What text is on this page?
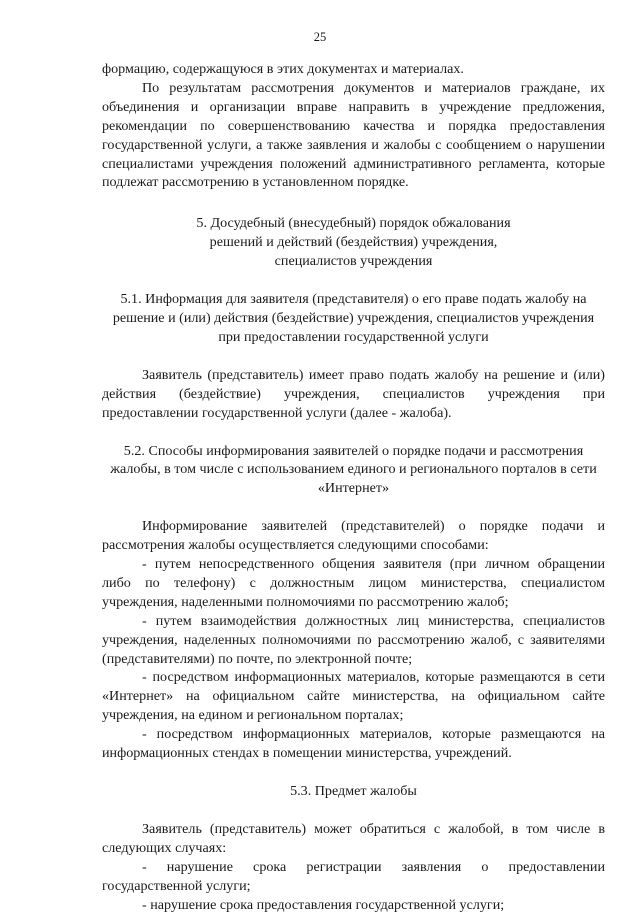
25

формацию, содержащуюся в этих документах и материалах.

По результатам рассмотрения документов и материалов граждане, их объединения и организации вправе направить в учреждение предложения, рекомендации по совершенствованию качества и порядка предоставления государственной услуги, а также заявления и жалобы с сообщением о нарушении специалистами учреждения положений административного регламента, которые подлежат рассмотрению в установленном порядке.

5. Досудебный (внесудебный) порядок обжалования

решений и действий (бездействия) учреждения,

специалистов учреждения

5.1. Информация для заявителя (представителя) о его праве подать жалобу на решение и (или) действия (бездействие) учреждения, специалистов учреждения при предоставлении государственной услуги

Заявитель (представитель) имеет право подать жалобу на решение и (или) действия (бездействие) учреждения, специалистов учреждения при предоставлении государственной услуги (далее - жалоба).

5.2. Способы информирования заявителей о порядке подачи и рассмотрения жалобы, в том числе с использованием единого и регионального порталов в сети «Интернет»

Информирование заявителей (представителей) о порядке подачи и рассмотрения жалобы осуществляется следующими способами:

- путем непосредственного общения заявителя (при личном обращении либо по телефону) с должностным лицом министерства, специалистом учреждения, наделенными полномочиями по рассмотрению жалоб;

- путем взаимодействия должностных лиц министерства, специалистов учреждения, наделенных полномочиями по рассмотрению жалоб, с заявителями (представителями) по почте, по электронной почте;

- посредством информационных материалов, которые размещаются в сети «Интернет» на официальном сайте министерства, на официальном сайте учреждения, на едином и региональном порталах;

- посредством информационных материалов, которые размещаются на информационных стендах в помещении министерства, учреждений.

5.3. Предмет жалобы

Заявитель (представитель) может обратиться с жалобой, в том числе в следующих случаях:

- нарушение срока регистрации заявления о предоставлении государственной услуги;

- нарушение срока предоставления государственной услуги;
